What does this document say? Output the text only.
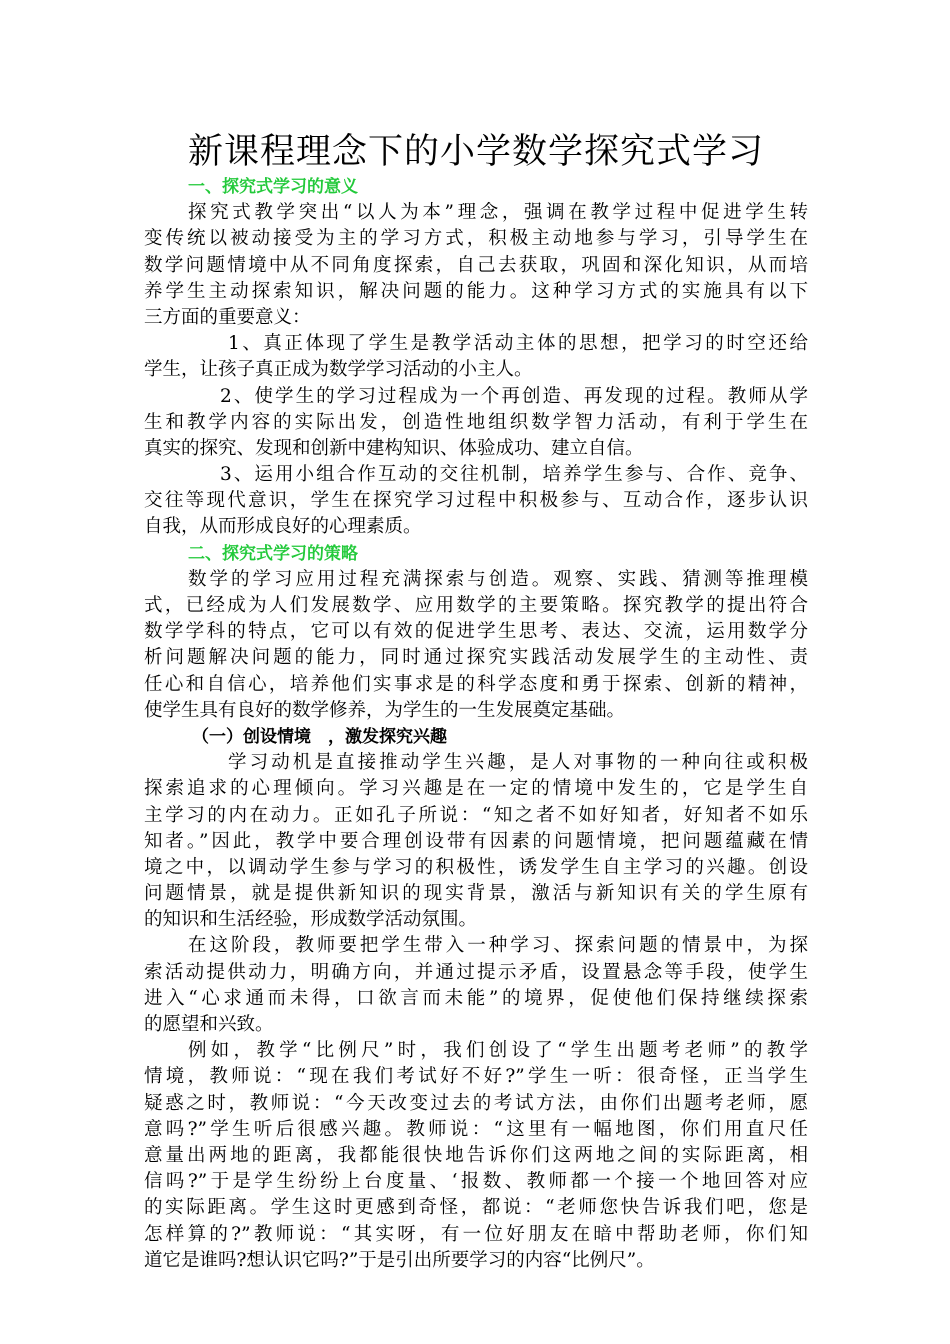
新课程理念下的小学数学探究式学习
一、探究式学习的意义
探究式教学突出“以人为本”理念，强调在教学过程中促进学生转
变传统以被动接受为主的学习方式，积极主动地参与学习，引导学生在
数学问题情境中从不同角度探索，自己去获取，巩固和深化知识，从而培
养学生主动探索知识，解决问题的能力。这种学习方式的实施具有以下
三方面的重要意义：
1、真正体现了学生是教学活动主体的思想，把学习的时空还给
学生，让孩子真正成为数学学习活动的小主人。
2、使学生的学习过程成为一个再创造、再发现的过程。教师从学
生和教学内容的实际出发，创造性地组织数学智力活动，有利于学生在
真实的探究、发现和创新中建构知识、体验成功、建立自信。
3、运用小组合作互动的交往机制，培养学生参与、合作、竞争、
交往等现代意识，学生在探究学习过程中积极参与、互动合作，逐步认识
自我，从而形成良好的心理素质。
二、探究式学习的策略
数学的学习应用过程充满探索与创造。观察、实践、猜测等推理模
式，已经成为人们发展数学、应用数学的主要策略。探究教学的提出符合
数学学科的特点，它可以有效的促进学生思考、表达、交流，运用数学分
析问题解决问题的能力，同时通过探究实践活动发展学生的主动性、责
任心和自信心，培养他们实事求是的科学态度和勇于探索、创新的精神，
使学生具有良好的数学修养，为学生的一生发展奠定基础。
（一）创设情境　，激发探究兴趣
学习动机是直接推动学生兴趣，是人对事物的一种向往或积极
探索追求的心理倾向。学习兴趣是在一定的情境中发生的，它是学生自
主学习的内在动力。正如孔子所说：“知之者不如好知者，好知者不如乐
知者。”因此，教学中要合理创设带有因素的问题情境，把问题蕴藏在情
境之中，以调动学生参与学习的积极性，诱发学生自主学习的兴趣。创设
问题情景，就是提供新知识的现实背景，激活与新知识有关的学生原有
的知识和生活经验，形成数学活动氛围。
在这阶段，教师要把学生带入一种学习、探索问题的情景中，为探
索活动提供动力，明确方向，并通过提示矛盾，设置悬念等手段，使学生
进入“心求通而未得，口欲言而未能”的境界，促使他们保持继续探索
的愿望和兴致。
例如，教学“比例尺”时，我们创设了“学生出题考老师”的教学
情境，教师说：“现在我们考试好不好?”学生一听：很奇怪，正当学生
疑惑之时，教师说：“今天改变过去的考试方法，由你们出题考老师，愿
意吗?”学生听后很感兴趣。教师说：“这里有一幅地图，你们用直尺任
意量出两地的距离，我都能很快地告诉你们这两地之间的实际距离，相
信吗?”于是学生纷纷上台度量、‘报数、教师都一个接一个地回答对应
的实际距离。学生这时更感到奇怪，都说：“老师您快告诉我们吧，您是
怎样算的?”教师说：“其实呀，有一位好朋友在暗中帮助老师，你们知
道它是谁吗?想认识它吗?”于是引出所要学习的内容“比例尺”。
